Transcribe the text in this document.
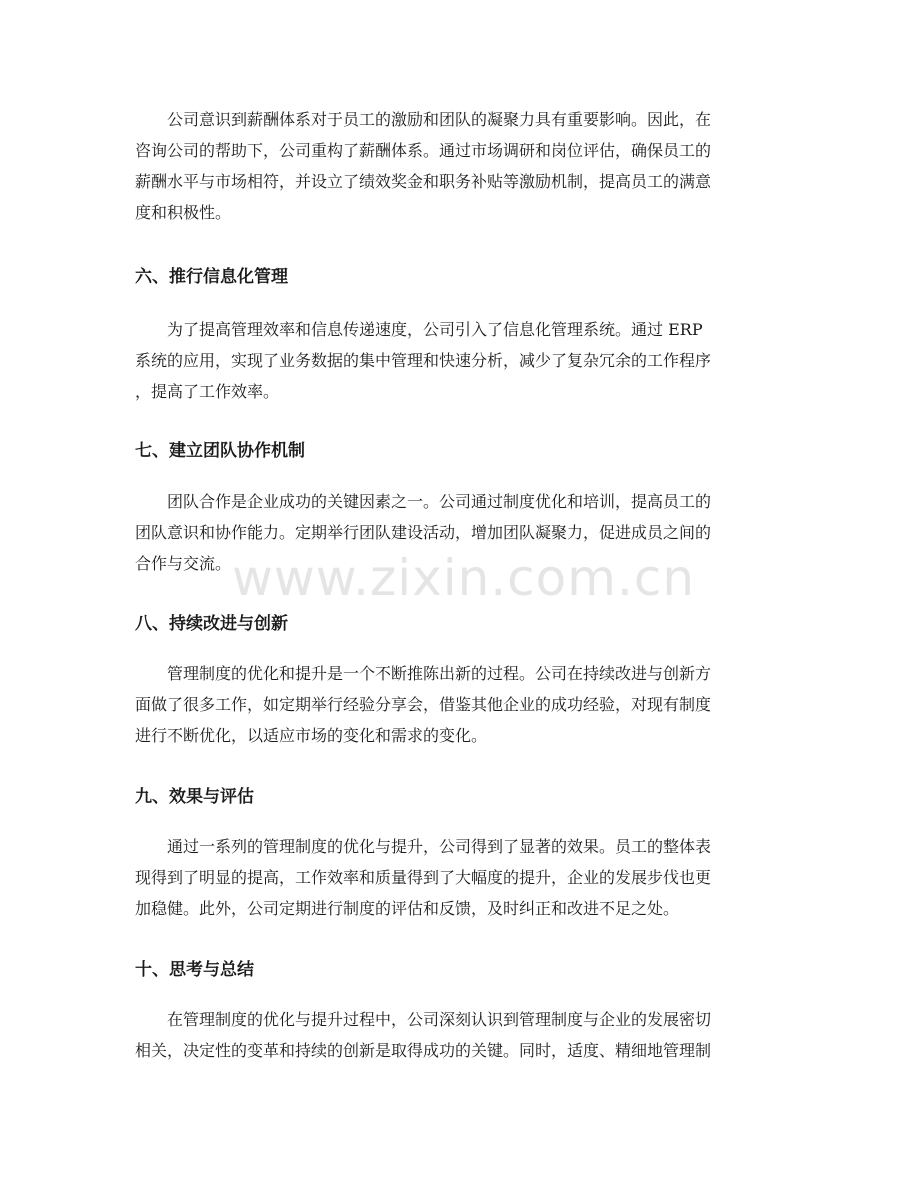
　　公司意识到薪酬体系对于员工的激励和团队的凝聚力具有重要影响。因此，在
咨询公司的帮助下，公司重构了薪酬体系。通过市场调研和岗位评估，确保员工的
薪酬水平与市场相符，并设立了绩效奖金和职务补贴等激励机制，提高员工的满意
度和积极性。

六、推行信息化管理

　　为了提高管理效率和信息传递速度，公司引入了信息化管理系统。通过 ERP
系统的应用，实现了业务数据的集中管理和快速分析，减少了复杂冗余的工作程序
，提高了工作效率。

七、建立团队协作机制

　　团队合作是企业成功的关键因素之一。公司通过制度优化和培训，提高员工的
团队意识和协作能力。定期举行团队建设活动，增加团队凝聚力，促进成员之间的
合作与交流。

八、持续改进与创新

　　管理制度的优化和提升是一个不断推陈出新的过程。公司在持续改进与创新方
面做了很多工作，如定期举行经验分享会，借鉴其他企业的成功经验，对现有制度
进行不断优化，以适应市场的变化和需求的变化。

九、效果与评估

　　通过一系列的管理制度的优化与提升，公司得到了显著的效果。员工的整体表
现得到了明显的提高，工作效率和质量得到了大幅度的提升，企业的发展步伐也更
加稳健。此外，公司定期进行制度的评估和反馈，及时纠正和改进不足之处。

十、思考与总结

　　在管理制度的优化与提升过程中，公司深刻认识到管理制度与企业的发展密切
相关，决定性的变革和持续的创新是取得成功的关键。同时，适度、精细地管理制

www.zixin.com.cn
